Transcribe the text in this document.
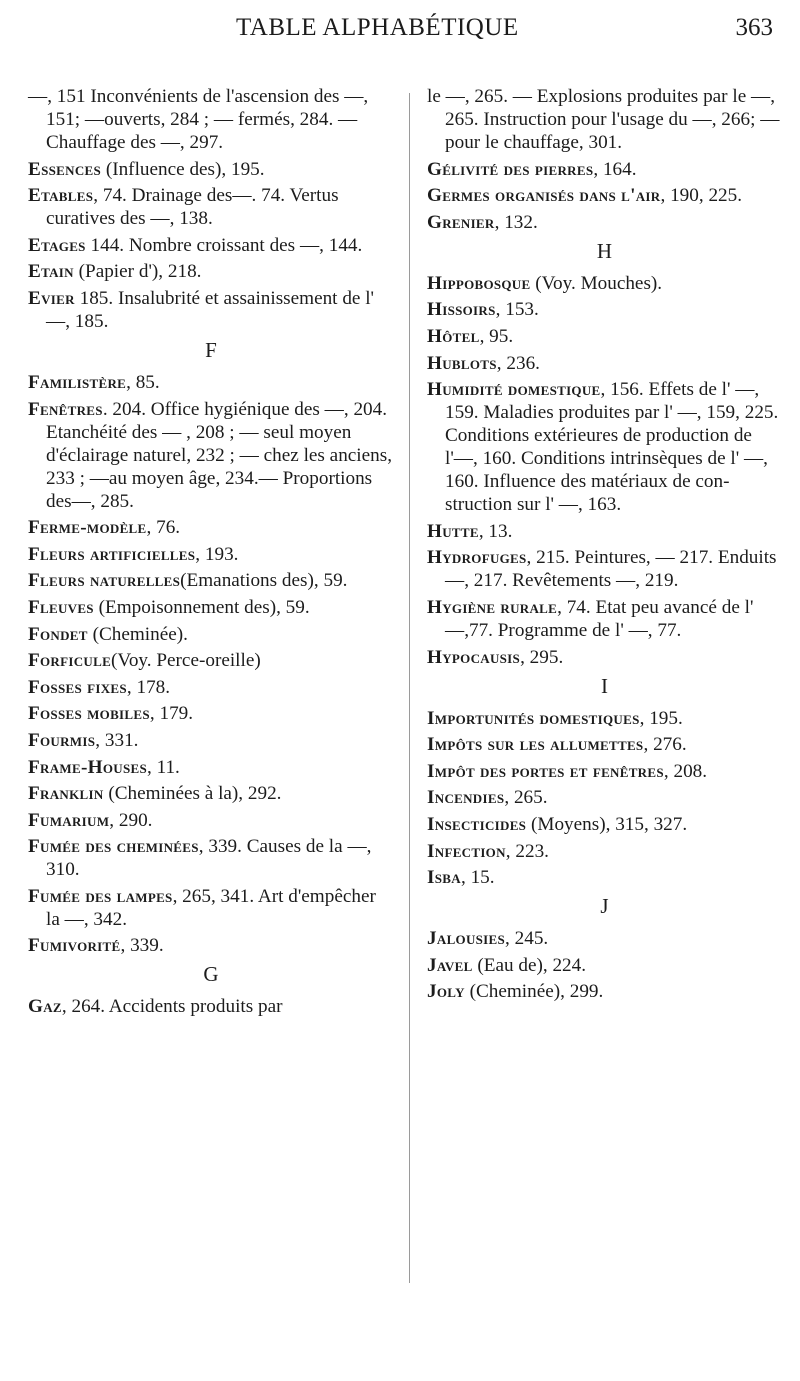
TABLE ALPHABÉTIQUE	363
—, 151 Inconvénients de l'ascension des —, 151; —ouverts, 284 ; — fermés, 284. — Chauffage des —, 297.
Essences (Influence des), 195.
Etables, 74. Drainage des—. 74. Vertus curatives des —, 138.
Etages 144. Nombre croissant des —, 144.
Etain (Papier d'), 218.
Evier 185. Insalubrité et assainissement de l' —, 185.
F
Familistère, 85.
Fenêtres. 204. Office hygiénique des —, 204. Etanchéité des — , 208 ; — seul moyen d'éclairage naturel, 232 ; — chez les anciens, 233 ; —au moyen âge, 234.— Proportions des—, 285.
Ferme-modèle, 76.
Fleurs artificielles, 193.
Fleurs naturelles(Emanations des), 59.
Fleuves (Empoisonnement des), 59.
Fondet (Cheminée).
Forficule(Voy. Perce-oreille)
Fosses fixes, 178.
Fosses mobiles, 179.
Fourmis, 331.
Frame-Houses, 11.
Franklin (Cheminées à la), 292.
Fumarium, 290.
Fumée des cheminées, 339. Causes de la —, 310.
Fumée des lampes, 265, 341. Art d'empêcher la —, 342.
Fumivorité, 339.
G
Gaz, 264. Accidents produits par
le —, 265. — Explosions produites par le —, 265. Instruction pour l'usage du —, 266; — pour le chauffage, 301.
Gélivité des pierres, 164.
Germes organisés dans l'air, 190, 225.
Grenier, 132.
H
Hippobosque (Voy. Mouches).
Hissoirs, 153.
Hôtel, 95.
Hublots, 236.
Humidité domestique, 156. Effets de l' —, 159. Maladies produites par l' —, 159, 225. Conditions extérieures de production de l'—, 160. Conditions intrinsèques de l' —, 160. Influence des matériaux de construction sur l' —, 163.
Hutte, 13.
Hydrofuges, 215. Peintures, — 217. Enduits —, 217. Revêtements —, 219.
Hygiène rurale, 74. Etat peu avancé de l' —,77. Programme de l' —, 77.
Hypocausis, 295.
I
Importunités domestiques, 195.
Impôts sur les allumettes, 276.
Impôt des portes et fenêtres, 208.
Incendies, 265.
Insecticides (Moyens), 315, 327.
Infection, 223.
Isba, 15.
J
Jalousies, 245.
Javel (Eau de), 224.
Joly (Cheminée), 299.
